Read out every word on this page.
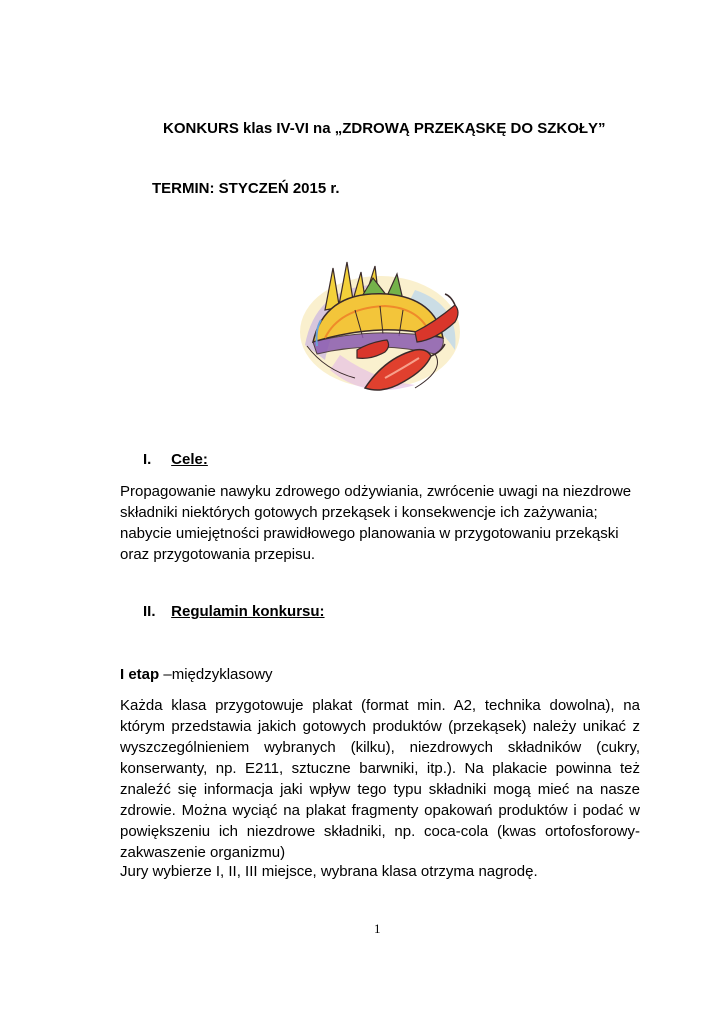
KONKURS klas IV-VI na „ZDROWĄ PRZEKĄSKĘ DO SZKOŁY”
TERMIN: STYCZEŃ 2015 r.
I. Cele:
Propagowanie nawyku zdrowego odżywiania, zwrócenie uwagi na niezdrowe
składniki niektórych gotowych przekąsek i konsekwencje ich zażywania;
nabycie umiejętności prawidłowego planowania w przygotowaniu przekąski
oraz przygotowania przepisu.
II. Regulamin konkursu:
I etap –międzyklasowy
Każda klasa przygotowuje plakat (format min. A2, technika dowolna), na którym przedstawia jakich gotowych produktów (przekąsek) należy unikać z wyszczególnieniem wybranych (kilku), niezdrowych składników (cukry, konserwanty, np. E211, sztuczne barwniki, itp.). Na plakacie powinna też znaleźć się informacja jaki wpływ tego typu składniki mogą mieć na nasze zdrowie. Można wyciąć na plakat fragmenty opakowań produktów i podać w powiększeniu ich niezdrowe składniki, np. coca-cola (kwas ortofosforowy-zakwaszenie organizmu)
Jury wybierze I, II, III miejsce, wybrana klasa otrzyma nagrodę.
1
